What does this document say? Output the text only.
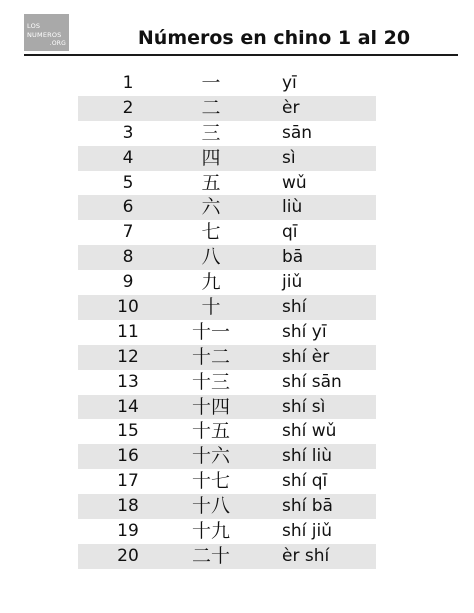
LOS
NUMEROS
.ORG	Números en chino 1 al 20
1	一	yī
2	二	èr
3	三	sān
4	四	sì
5	五	wǔ
6	六	liù
7	七	qī
8	八	bā
9	九	jiǔ
10	十	shí
11	十一	shí yī
12	十二	shí èr
13	十三	shí sān
14	十四	shí sì
15	十五	shí wǔ
16	十六	shí liù
17	十七	shí qī
18	十八	shí bā
19	十九	shí jiǔ
20	二十	èr shí
